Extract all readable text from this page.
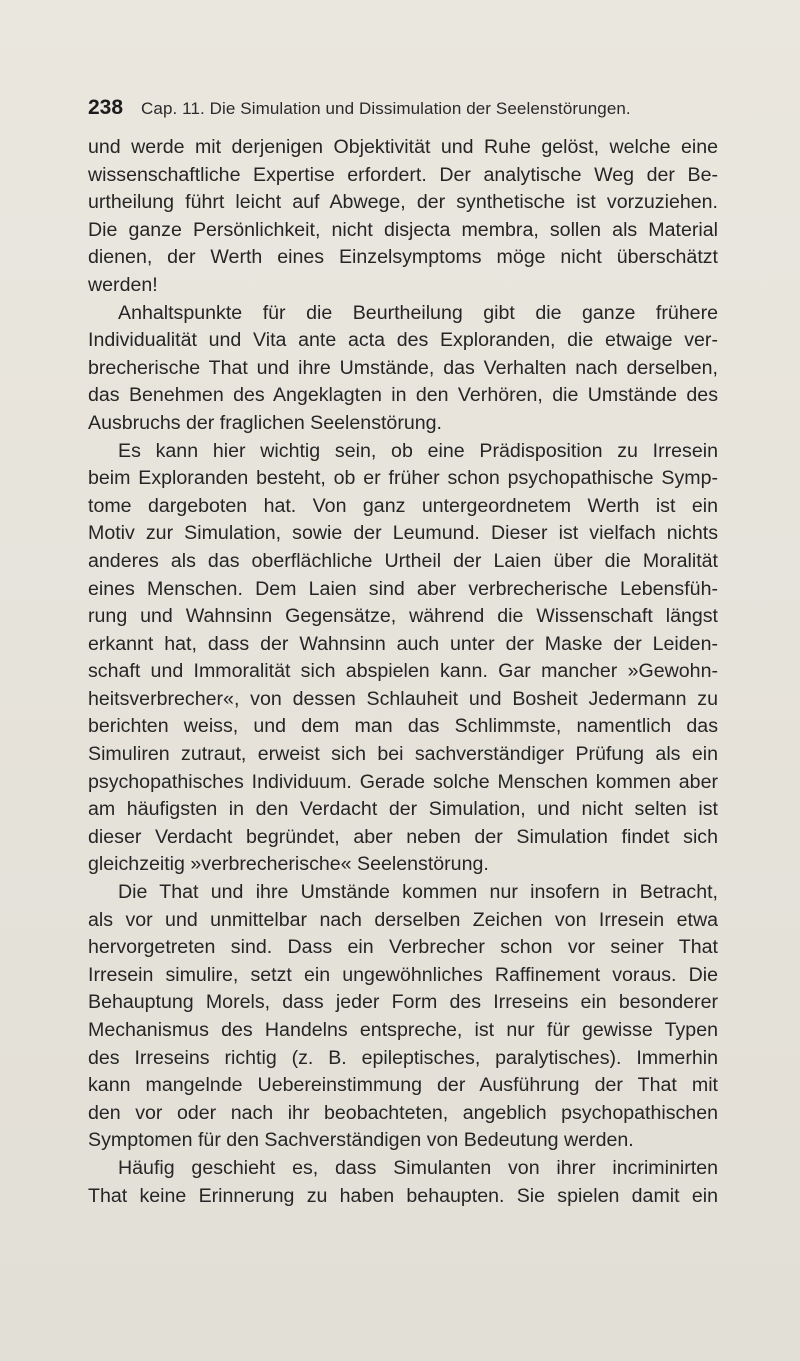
238 Cap. 11. Die Simulation und Dissimulation der Seelenstörungen.
und werde mit derjenigen Objektivität und Ruhe gelöst, welche eine
wissenschaftliche Expertise erfordert. Der analytische Weg der Be-
urtheilung führt leicht auf Abwege, der synthetische ist vorzuziehen.
Die ganze Persönlichkeit, nicht disjecta membra, sollen als Material
dienen, der Werth eines Einzelsymptoms möge nicht überschätzt
werden!
Anhaltspunkte für die Beurtheilung gibt die ganze frühere
Individualität und Vita ante acta des Exploranden, die etwaige ver-
brecherische That und ihre Umstände, das Verhalten nach derselben,
das Benehmen des Angeklagten in den Verhören, die Umstände des
Ausbruchs der fraglichen Seelenstörung.
Es kann hier wichtig sein, ob eine Prädisposition zu Irresein
beim Exploranden besteht, ob er früher schon psychopathische Symp-
tome dargeboten hat. Von ganz untergeordnetem Werth ist ein
Motiv zur Simulation, sowie der Leumund. Dieser ist vielfach nichts
anderes als das oberflächliche Urtheil der Laien über die Moralität
eines Menschen. Dem Laien sind aber verbrecherische Lebensfüh-
rung und Wahnsinn Gegensätze, während die Wissenschaft längst
erkannt hat, dass der Wahnsinn auch unter der Maske der Leiden-
schaft und Immoralität sich abspielen kann. Gar mancher »Gewohn-
heitsverbrecher«, von dessen Schlauheit und Bosheit Jedermann zu
berichten weiss, und dem man das Schlimmste, namentlich das
Simuliren zutraut, erweist sich bei sachverständiger Prüfung als ein
psychopathisches Individuum. Gerade solche Menschen kommen aber
am häufigsten in den Verdacht der Simulation, und nicht selten ist
dieser Verdacht begründet, aber neben der Simulation findet sich
gleichzeitig »verbrecherische« Seelenstörung.
Die That und ihre Umstände kommen nur insofern in Betracht,
als vor und unmittelbar nach derselben Zeichen von Irresein etwa
hervorgetreten sind. Dass ein Verbrecher schon vor seiner That
Irresein simulire, setzt ein ungewöhnliches Raffinement voraus. Die
Behauptung Morels, dass jeder Form des Irreseins ein besonderer
Mechanismus des Handelns entspreche, ist nur für gewisse Typen
des Irreseins richtig (z. B. epileptisches, paralytisches). Immerhin
kann mangelnde Uebereinstimmung der Ausführung der That mit
den vor oder nach ihr beobachteten, angeblich psychopathischen
Symptomen für den Sachverständigen von Bedeutung werden.
Häufig geschieht es, dass Simulanten von ihrer incriminirten
That keine Erinnerung zu haben behaupten. Sie spielen damit ein
